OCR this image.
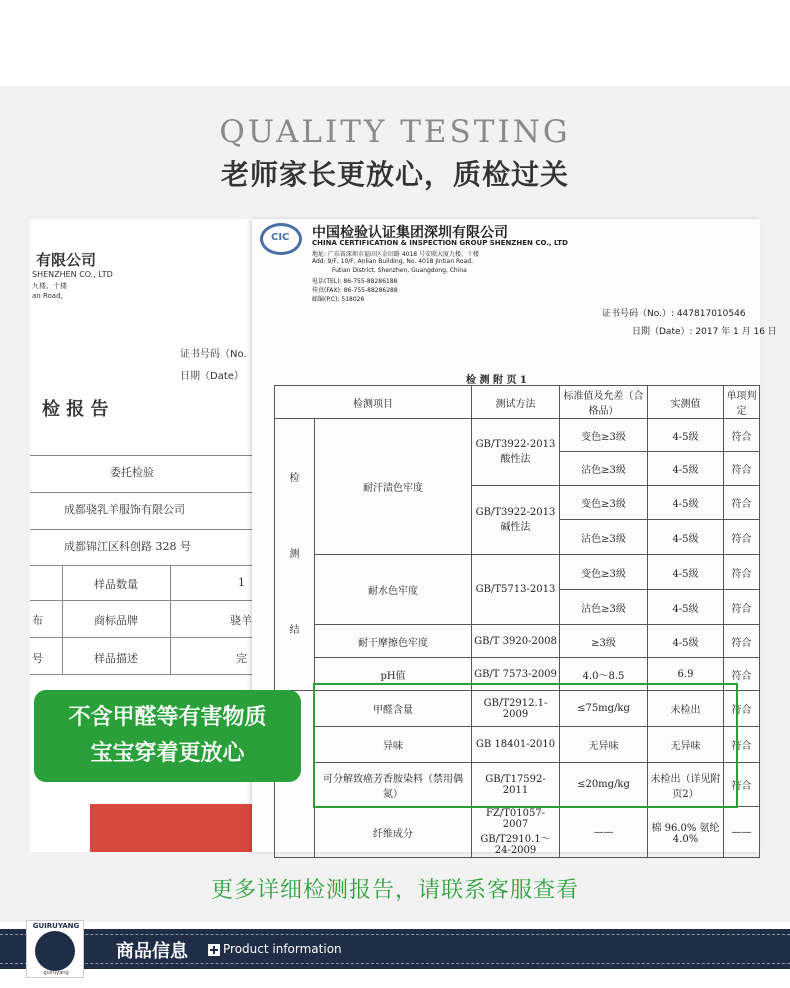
QUALITY TESTING
老师家长更放心，质检过关
有限公司
SHENZHEN CO., LTD
九楼、十楼
an Road,
证书号码（No.
日期（Date）
检 报 告
委托检验
成都骁乳羊服饰有限公司
成都锦江区科创路 328 号
样品数量	1
布	商标品牌	骁羊
号	样品描述	完
CIC 中国检验认证集团深圳有限公司
CHINA CERTIFICATION & INSPECTION GROUP SHENZHEN CO., LTD
地址: 广东省深圳市福田区金田路 4018 号安联大厦九楼、十楼
Add: 9/F, 10/F, Anlian Building, No. 4018 Jintian Road,
Futian District, Shenzhen, Guangdong, China
电话(TEL): 86-755-88286188
传真(FAX): 86-755-88286288
邮编(P.C): 518026
证书号码（No.）: 447817010546
日期（Date）: 2017 年 1 月 16 日
检 测 附 页 1
检测项目		测试方法	标准值及允差（合格品）	实测值	单项判定

检
测
结	耐汗渍色牢度	GB/T3922-2013 酸性法	变色≥3级	4-5级	符合
			沾色≥3级	4-5级	符合
		GB/T3922-2013 碱性法	变色≥3级	4-5级	符合
			沾色≥3级	4-5级	符合
	耐水色牢度	GB/T5713-2013	变色≥3级	4-5级	符合
			沾色≥3级	4-5级	符合
	耐干摩擦色牢度	GB/T 3920-2008	≥3级	4-5级	符合
	pH值	GB/T 7573-2009	4.0～8.5	6.9	符合
	甲醛含量	GB/T2912.1-2009	≤75mg/kg	未检出	符合
	异味	GB 18401-2010	无异味	无异味	符合
	可分解致癌芳香胺染料（禁用偶氮）	GB/T17592-2011	≤20mg/kg	未检出（详见附页2）	符合
	纤维成分	FZ/T01057-2007 GB/T2910.1～24-2009	——	棉 96.0% 氨纶 4.0%	——
不含甲醛等有害物质
宝宝穿着更放心
更多详细检测报告，请联系客服查看
GUIRUYANG
guiruyang
商品信息	Product information
